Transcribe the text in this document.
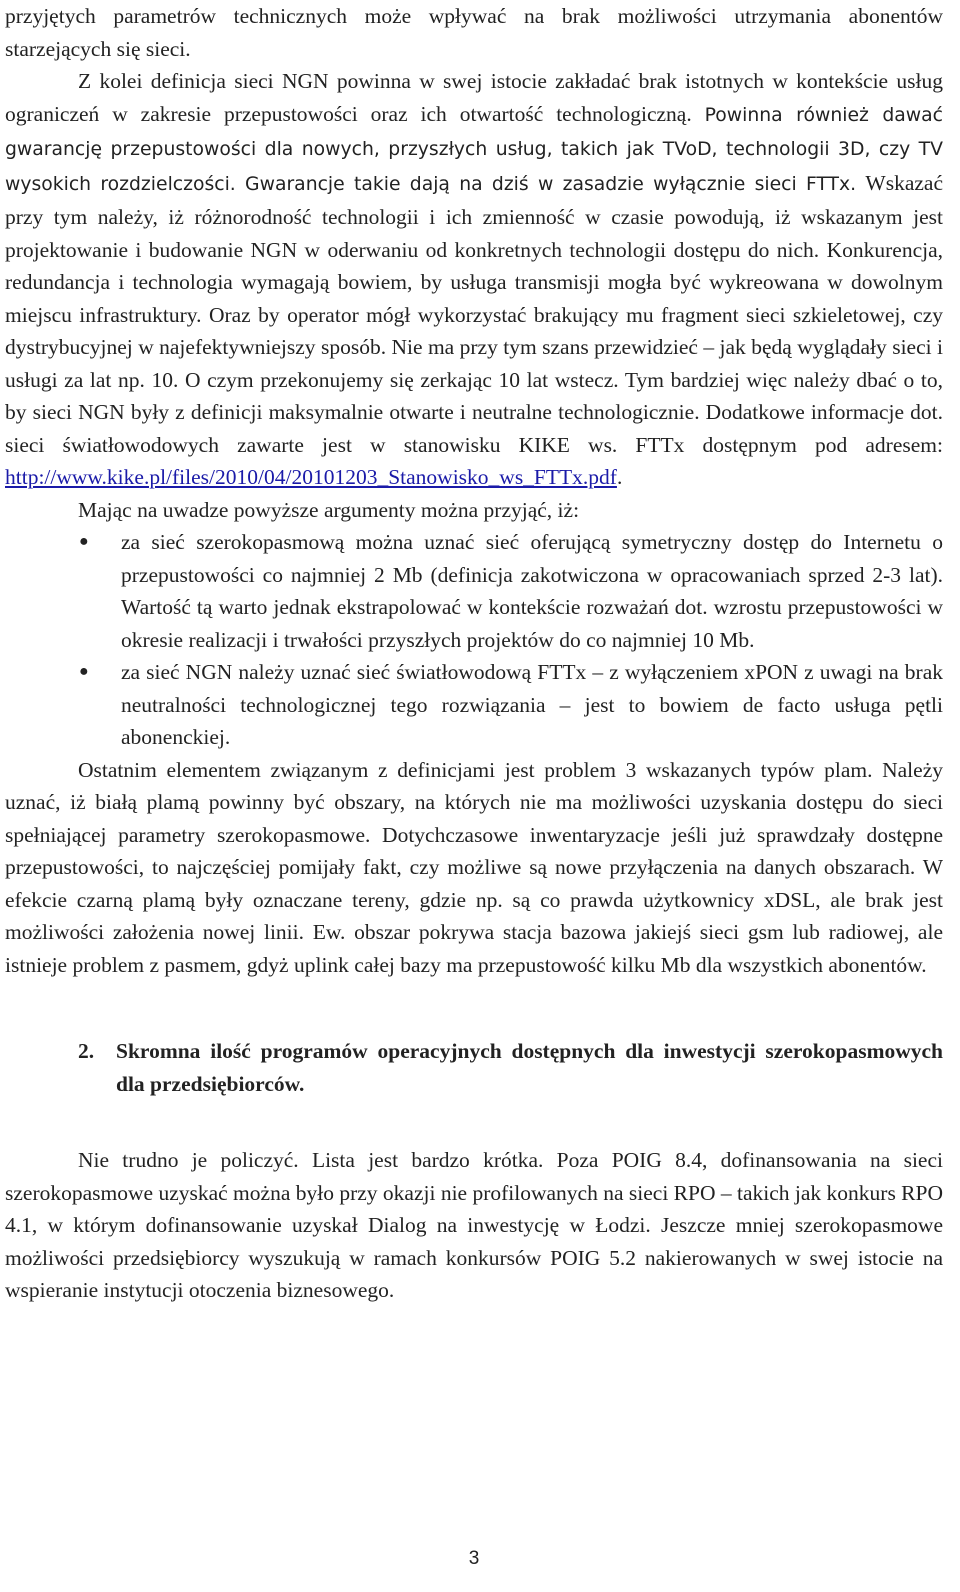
przyjętych parametrów technicznych może wpływać na brak możliwości utrzymania abonentów starzejących się sieci.

Z kolei definicja sieci NGN powinna w swej istocie zakładać brak istotnych w kontekście usług ograniczeń w zakresie przepustowości oraz ich otwartość technologiczną. Powinna również dawać gwarancję przepustowości dla nowych, przyszłych usług, takich jak TVoD, technologii 3D, czy TV wysokich rozdzielczości. Gwarancje takie dają na dziś w zasadzie wyłącznie sieci FTTx. Wskazać przy tym należy, iż różnorodność technologii i ich zmienność w czasie powodują, iż wskazanym jest projektowanie i budowanie NGN w oderwaniu od konkretnych technologii dostępu do nich. Konkurencja, redundancja i technologia wymagają bowiem, by usługa transmisji mogła być wykreowana w dowolnym miejscu infrastruktury. Oraz by operator mógł wykorzystać brakujący mu fragment sieci szkieletowej, czy dystrybucyjnej w najefektywniejszy sposób. Nie ma przy tym szans przewidzieć – jak będą wyglądały sieci i usługi za lat np. 10. O czym przekonujemy się zerkając 10 lat wstecz. Tym bardziej więc należy dbać o to, by sieci NGN były z definicji maksymalnie otwarte i neutralne technologicznie. Dodatkowe informacje dot. sieci światłowodowych zawarte jest w stanowisku KIKE ws. FTTx dostępnym pod adresem: http://www.kike.pl/files/2010/04/20101203_Stanowisko_ws_FTTx.pdf.

Mając na uwadze powyższe argumenty można przyjąć, iż:

● za sieć szerokopasmową można uznać sieć oferującą symetryczny dostęp do Internetu o przepustowości co najmniej 2 Mb (definicja zakotwiczona w opracowaniach sprzed 2-3 lat). Wartość tą warto jednak ekstrapolować w kontekście rozważań dot. wzrostu przepustowości w okresie realizacji i trwałości przyszłych projektów do co najmniej 10 Mb.
● za sieć NGN należy uznać sieć światłowodową FTTx – z wyłączeniem xPON z uwagi na brak neutralności technologicznej tego rozwiązania – jest to bowiem de facto usługa pętli abonenckiej.

Ostatnim elementem związanym z definicjami jest problem 3 wskazanych typów plam. Należy uznać, iż białą plamą powinny być obszary, na których nie ma możliwości uzyskania dostępu do sieci spełniającej parametry szerokopasmowe. Dotychczasowe inwentaryzacje jeśli już sprawdzały dostępne przepustowości, to najczęściej pomijały fakt, czy możliwe są nowe przyłączenia na danych obszarach. W efekcie czarną plamą były oznaczane tereny, gdzie np. są co prawda użytkownicy xDSL, ale brak jest możliwości założenia nowej linii. Ew. obszar pokrywa stacja bazowa jakiejś sieci gsm lub radiowej, ale istnieje problem z pasmem, gdyż uplink całej bazy ma przepustowość kilku Mb dla wszystkich abonentów.

2. Skromna ilość programów operacyjnych dostępnych dla inwestycji szerokopasmowych dla przedsiębiorców.

Nie trudno je policzyć. Lista jest bardzo krótka. Poza POIG 8.4, dofinansowania na sieci szerokopasmowe uzyskać można było przy okazji nie profilowanych na sieci RPO – takich jak konkurs RPO 4.1, w którym dofinansowanie uzyskał Dialog na inwestycję w Łodzi. Jeszcze mniej szerokopasmowe możliwości przedsiębiorcy wyszukują w ramach konkursów POIG 5.2 nakierowanych w swej istocie na wspieranie instytucji otoczenia biznesowego.

3
